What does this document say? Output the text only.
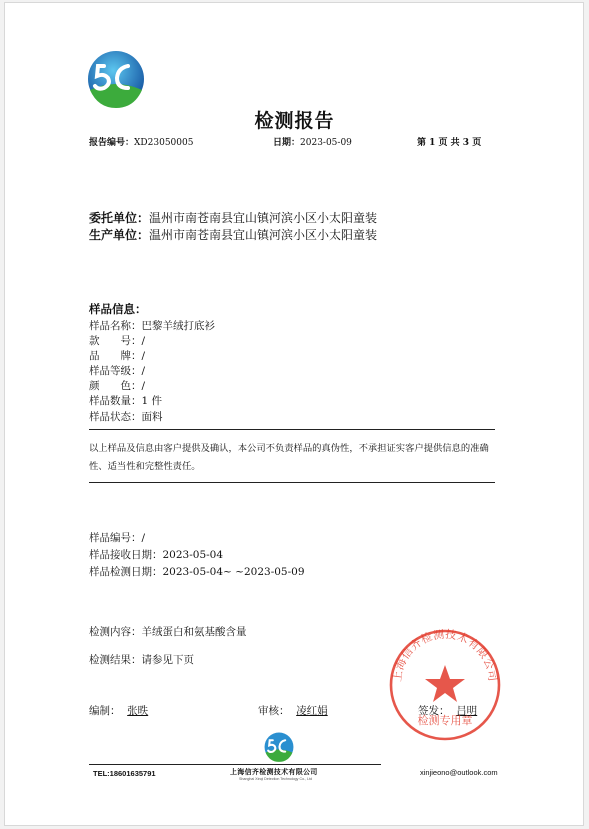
检测报告
报告编号：XD23050005	日期：2023-05-09	第 1 页 共 3 页
委托单位：温州市南苍南县宜山镇河滨小区小太阳童装
生产单位：温州市南苍南县宜山镇河滨小区小太阳童装
样品信息：
样品名称：巴黎羊绒打底衫
款　　号：/
品　　牌：/
样品等级：/
颜　　色：/
样品数量：1 件
样品状态：面料
以上样品及信息由客户提供及确认，本公司不负责样品的真伪性，不承担证实客户提供信息的准确性、适当性和完整性责任。
样品编号：/
样品接收日期：2023-05-04
样品检测日期：2023-05-04~ ~2023-05-09
检测内容：羊绒蛋白和氨基酸含量
检测结果：请参见下页
编制： 张昳	审核： 凌红娟	签发： 吕明
上海信齐检测技术有限公司
检测专用章
TEL:18601635791	上海信齐检测技术有限公司
Shanghai Xinqi Detection Technology Co., Ltd
xinjieono@outlook.com
